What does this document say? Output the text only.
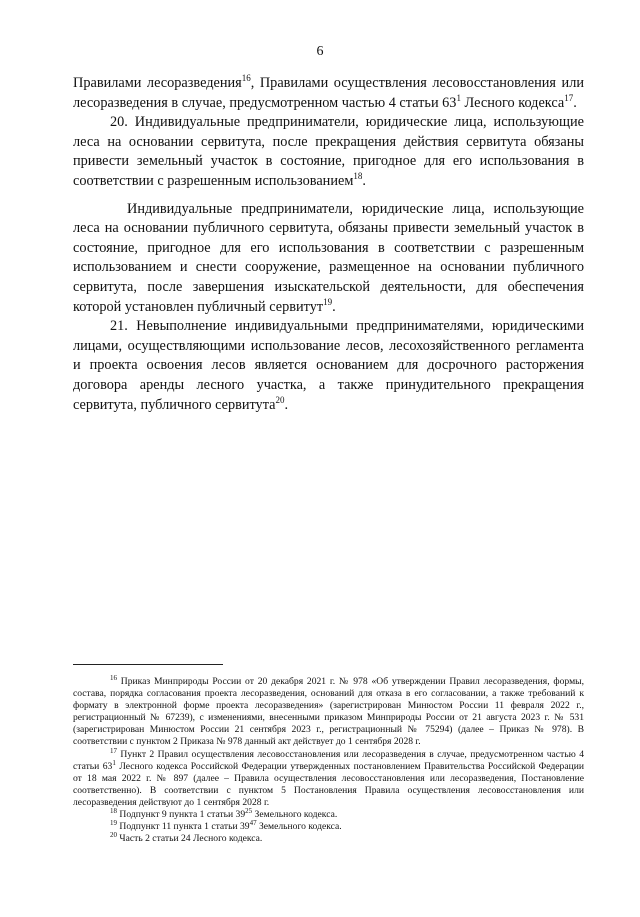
6

Правилами лесоразведения$^{16}$, Правилами осуществления лесовосстановления или лесоразведения в случае, предусмотренном частью 4 статьи $63^1$ Лесного кодекса$^{17}$.

20. Индивидуальные предприниматели, юридические лица, использующие леса на основании сервитута, после прекращения действия сервитута обязаны привести земельный участок в состояние, пригодное для его использования в соответствии с разрешенным использованием$^{18}$.

Индивидуальные предприниматели, юридические лица, использующие леса на основании публичного сервитута, обязаны привести земельный участок в состояние, пригодное для его использования в соответствии с разрешенным использованием и снести сооружение, размещенное на основании публичного сервитута, после завершения изыскательской деятельности, для обеспечения которой установлен публичный сервитут$^{19}$.

21. Невыполнение индивидуальными предпринимателями, юридическими лицами, осуществляющими использование лесов, лесохозяйственного регламента и проекта освоения лесов является основанием для досрочного расторжения договора аренды лесного участка, а также принудительного прекращения сервитута, публичного сервитута$^{20}$.

$^{16}$ Приказ Минприроды России от 20 декабря 2021 г. № 978 «Об утверждении Правил лесоразведения, формы, состава, порядка согласования проекта лесоразведения, оснований для отказа в его согласовании, а также требований к формату в электронной форме проекта лесоразведения» (зарегистрирован Минюстом России 11 февраля 2022 г., регистрационный № 67239), с изменениями, внесенными приказом Минприроды России от 21 августа 2023 г. № 531 (зарегистрирован Минюстом России 21 сентября 2023 г., регистрационный № 75294) (далее – Приказ № 978). В соответствии с пунктом 2 Приказа № 978 данный акт действует до 1 сентября 2028 г.

$^{17}$ Пункт 2 Правил осуществления лесовосстановления или лесоразведения в случае, предусмотренном частью 4 статьи $63^1$ Лесного кодекса Российской Федерации утвержденных постановлением Правительства Российской Федерации от 18 мая 2022 г. № 897 (далее – Правила осуществления лесовосстановления или лесоразведения, Постановление соответственно). В соответствии с пунктом 5 Постановления Правила осуществления лесовосстановления или лесоразведения действуют до 1 сентября 2028 г.

$^{18}$ Подпункт 9 пункта 1 статьи $39^{25}$ Земельного кодекса.

$^{19}$ Подпункт 11 пункта 1 статьи $39^{47}$ Земельного кодекса.

$^{20}$ Часть 2 статьи 24 Лесного кодекса.
